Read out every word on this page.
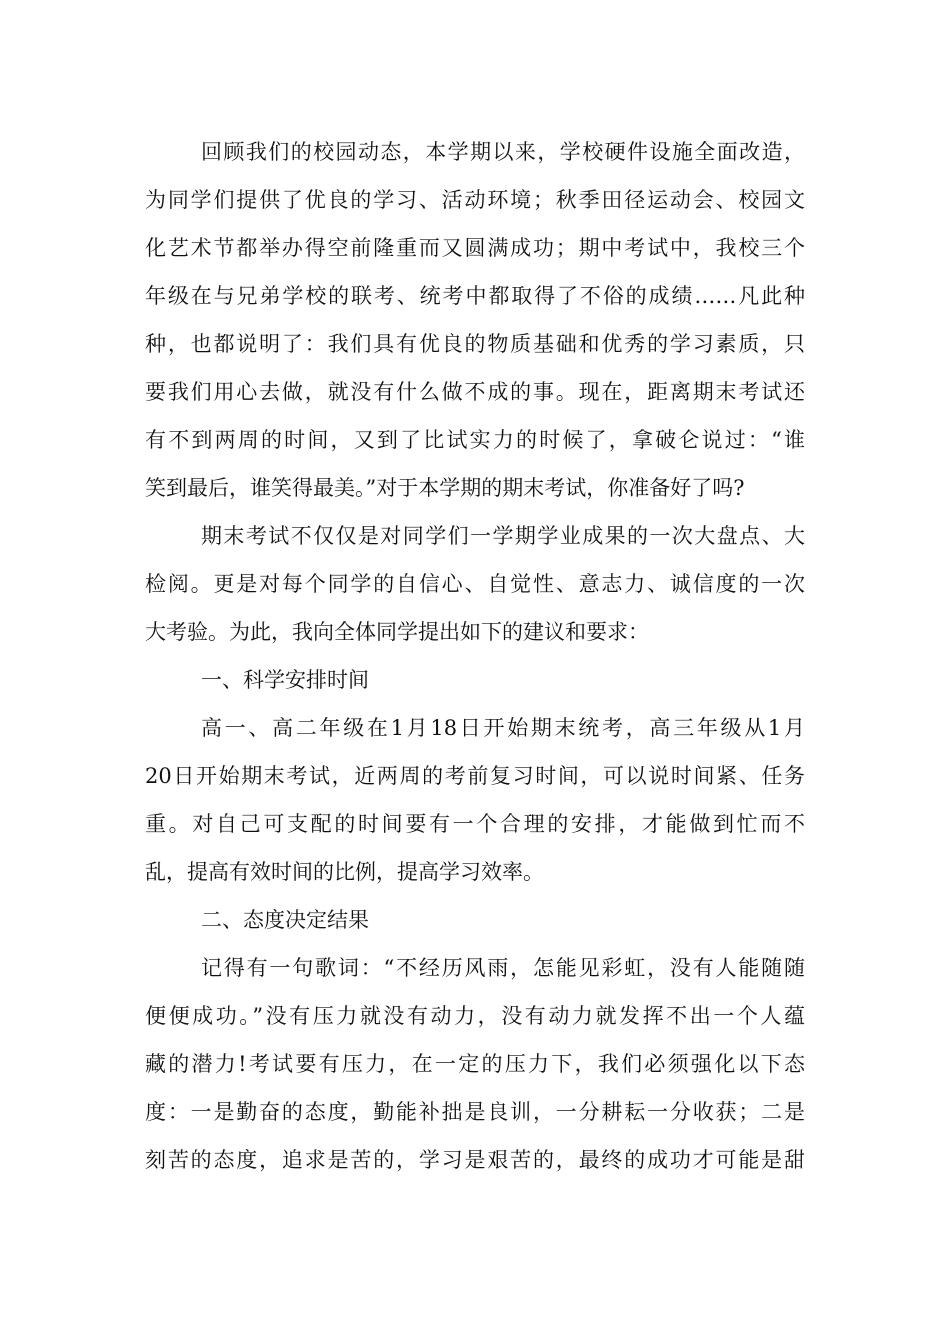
回顾我们的校园动态，本学期以来，学校硬件设施全面改造，
为同学们提供了优良的学习、活动环境；秋季田径运动会、校园文
化艺术节都举办得空前隆重而又圆满成功；期中考试中，我校三个
年级在与兄弟学校的联考、统考中都取得了不俗的成绩……凡此种
种，也都说明了：我们具有优良的物质基础和优秀的学习素质，只
要我们用心去做，就没有什么做不成的事。现在，距离期末考试还
有不到两周的时间，又到了比试实力的时候了，拿破仑说过：“谁
笑到最后，谁笑得最美。”对于本学期的期末考试，你准备好了吗?
期末考试不仅仅是对同学们一学期学业成果的一次大盘点、大
检阅。更是对每个同学的自信心、自觉性、意志力、诚信度的一次
大考验。为此，我向全体同学提出如下的建议和要求：
一、科学安排时间
高一、高二年级在1月18日开始期末统考，高三年级从1月
20日开始期末考试，近两周的考前复习时间，可以说时间紧、任务
重。对自己可支配的时间要有一个合理的安排，才能做到忙而不
乱，提高有效时间的比例，提高学习效率。
二、态度决定结果
记得有一句歌词：“不经历风雨，怎能见彩虹，没有人能随随
便便成功。”没有压力就没有动力，没有动力就发挥不出一个人蕴
藏的潜力!考试要有压力，在一定的压力下，我们必须强化以下态
度：一是勤奋的态度，勤能补拙是良训，一分耕耘一分收获；二是
刻苦的态度，追求是苦的，学习是艰苦的，最终的成功才可能是甜
